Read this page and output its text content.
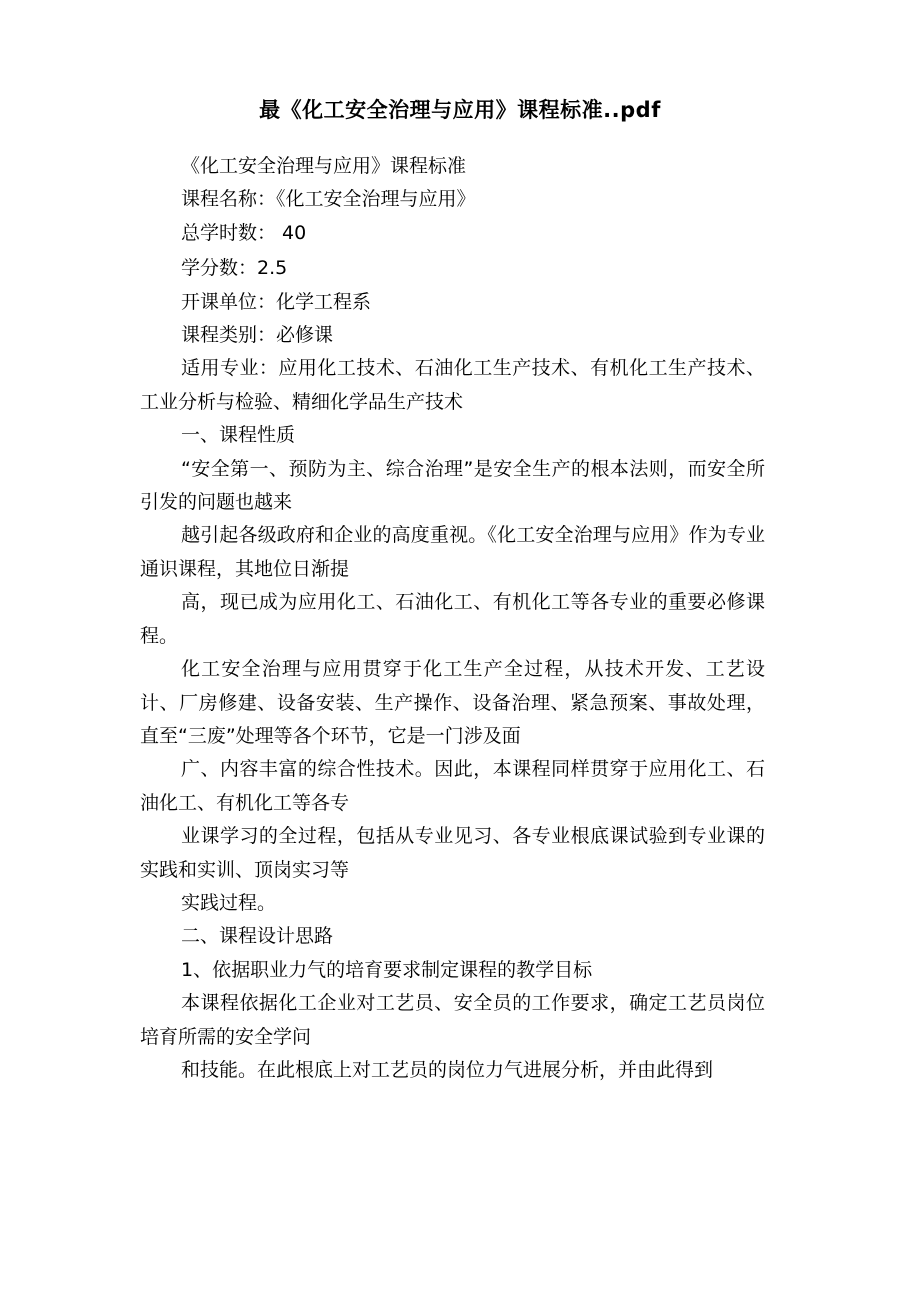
最《化工安全治理与应用》课程标准..pdf

《化工安全治理与应用》课程标准

课程名称：《化工安全治理与应用》

总学时数： 40

学分数：2.5

开课单位：化学工程系

课程类别：必修课

适用专业：应用化工技术、石油化工生产技术、有机化工生产技术、工业分析与检验、精细化学品生产技术

一、课程性质

“安全第一、预防为主、综合治理”是安全生产的根本法则，而安全所引发的问题也越来

越引起各级政府和企业的高度重视。《化工安全治理与应用》作为专业通识课程，其地位日渐提

高，现已成为应用化工、石油化工、有机化工等各专业的重要必修课程。

化工安全治理与应用贯穿于化工生产全过程，从技术开发、工艺设计、厂房修建、设备安装、生产操作、设备治理、紧急预案、事故处理，直至“三废”处理等各个环节，它是一门涉及面

广、内容丰富的综合性技术。因此，本课程同样贯穿于应用化工、石油化工、有机化工等各专

业课学习的全过程，包括从专业见习、各专业根底课试验到专业课的实践和实训、顶岗实习等

实践过程。

二、课程设计思路

1、依据职业力气的培育要求制定课程的教学目标

本课程依据化工企业对工艺员、安全员的工作要求，确定工艺员岗位培育所需的安全学问

和技能。在此根底上对工艺员的岗位力气进展分析，并由此得到
